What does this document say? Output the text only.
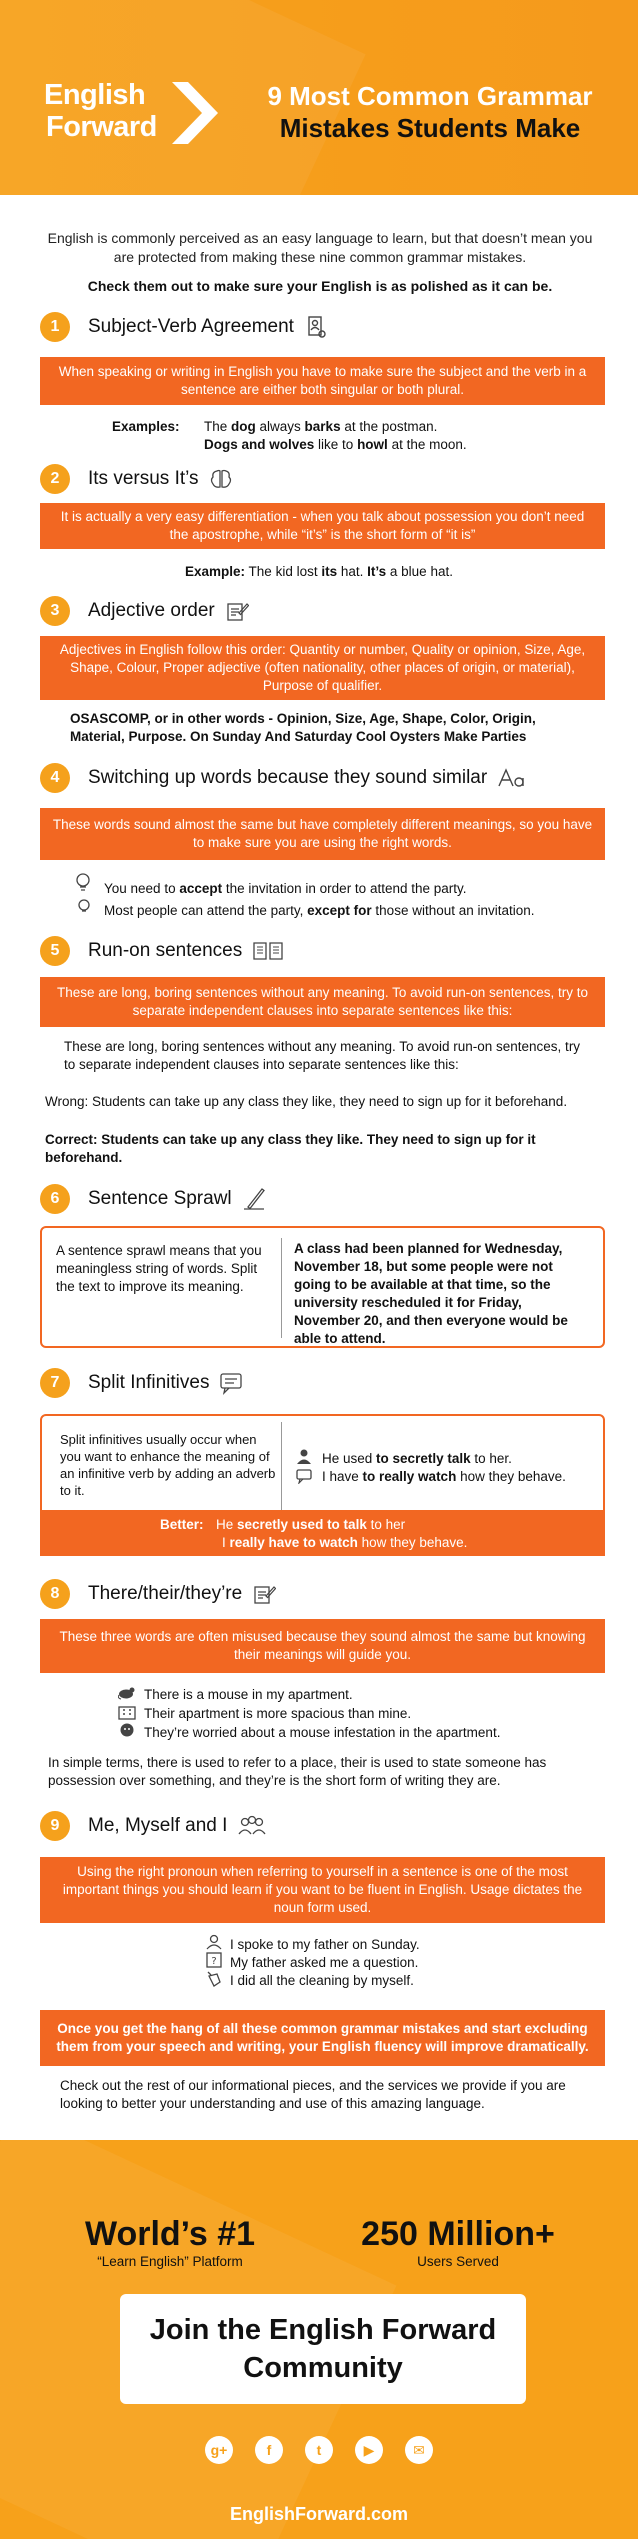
English
Forward
9 Most Common Grammar
Mistakes Students Make
English is commonly perceived as an easy language to learn, but that doesn’t mean you are protected from making these nine common grammar mistakes.
Check them out to make sure your English is as polished as it can be.
1	Subject-Verb Agreement
When speaking or writing in English you have to make sure the subject and the verb in a sentence are either both singular or both plural.
Examples: The dog always barks at the postman.
Dogs and wolves like to howl at the moon.
2	Its versus It’s
It is actually a very easy differentiation - when you talk about possession you don’t need the apostrophe, while “it’s” is the short form of “it is”
Example: The kid lost its hat. It’s a blue hat.
3	Adjective order
Adjectives in English follow this order: Quantity or number, Quality or opinion, Size, Age, Shape, Colour, Proper adjective (often nationality, other places of origin, or material), Purpose of qualifier.
OSASCOMP, or in other words - Opinion, Size, Age, Shape, Color, Origin, Material, Purpose. On Sunday And Saturday Cool Oysters Make Parties
4	Switching up words because they sound similar
These words sound almost the same but have completely different meanings, so you have to make sure you are using the right words.
You need to accept the invitation in order to attend the party.
Most people can attend the party, except for those without an invitation.
5	Run-on sentences
These are long, boring sentences without any meaning. To avoid run-on sentences, try to separate independent clauses into separate sentences like this:
These are long, boring sentences without any meaning. To avoid run-on sentences, try to separate independent clauses into separate sentences like this:
Wrong: Students can take up any class they like, they need to sign up for it beforehand.
Correct: Students can take up any class they like. They need to sign up for it beforehand.
6	Sentence Sprawl
A sentence sprawl means that you meaningless string of words. Split the text to improve its meaning.
A class had been planned for Wednesday, November 18, but some people were not going to be available at that time, so the university rescheduled it for Friday, November 20, and then everyone would be able to attend.
7	Split Infinitives
Split infinitives usually occur when you want to enhance the meaning of an infinitive verb by adding an adverb to it.
He used to secretly talk to her.
I have to really watch how they behave.
Better: He secretly used to talk to her
I really have to watch how they behave.
8	There/their/they’re
These three words are often misused because they sound almost the same but knowing their meanings will guide you.
There is a mouse in my apartment.
Their apartment is more spacious than mine.
They’re worried about a mouse infestation in the apartment.
In simple terms, there is used to refer to a place, their is used to state someone has possession over something, and they’re is the short form of writing they are.
9	Me, Myself and I
Using the right pronoun when referring to yourself in a sentence is one of the most important things you should learn if you want to be fluent in English. Usage dictates the noun form used.
I spoke to my father on Sunday.
? My father asked me a question.
I did all the cleaning by myself.
Once you get the hang of all these common grammar mistakes and start excluding them from your speech and writing, your English fluency will improve dramatically.
Check out the rest of our informational pieces, and the services we provide if you are looking to better your understanding and use of this amazing language.
World’s #1
“Learn English” Platform
250 Million+
Users Served
Join the English Forward Community
g+	f	t	▶	✉
EnglishForward.com
